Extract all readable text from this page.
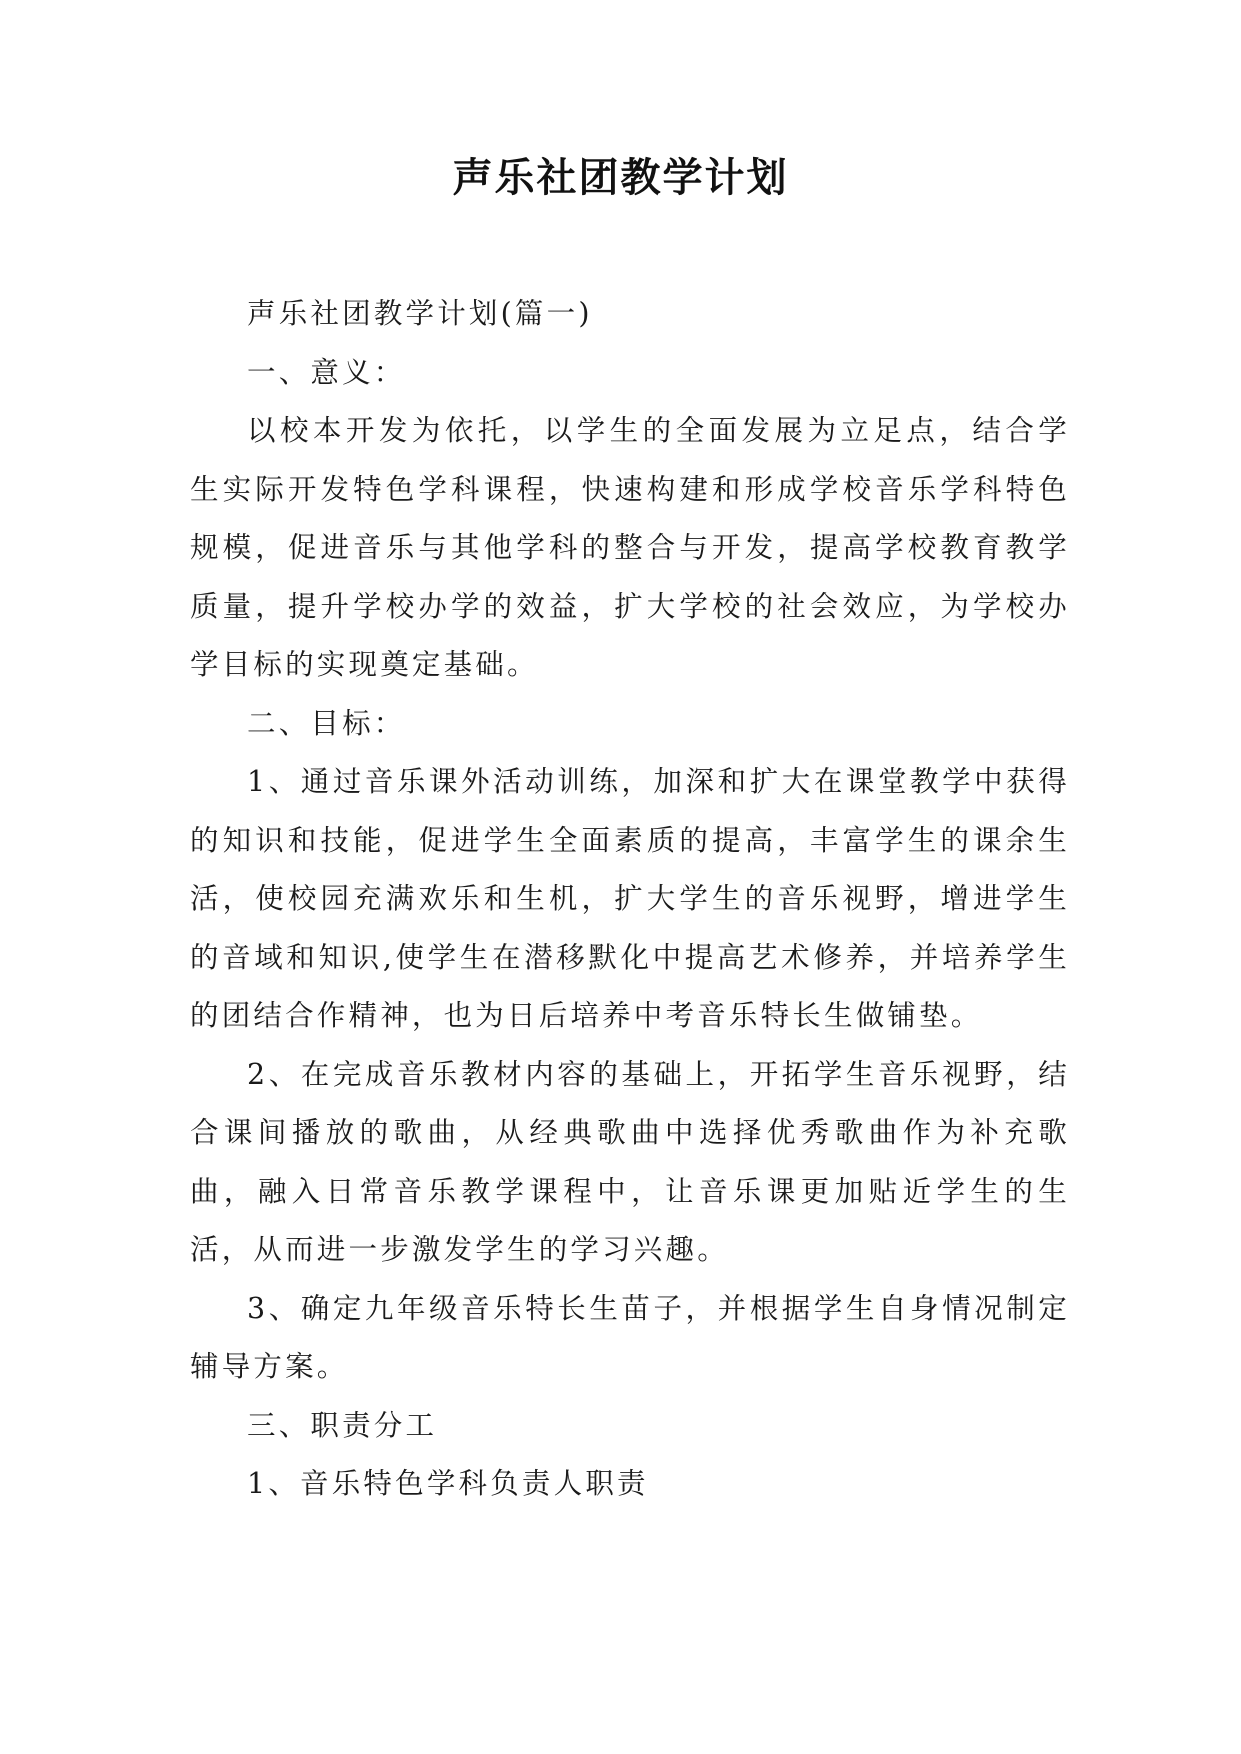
声乐社团教学计划

声乐社团教学计划(篇一)

一、意义：

以校本开发为依托，以学生的全面发展为立足点，结合学生实际开发特色学科课程，快速构建和形成学校音乐学科特色规模，促进音乐与其他学科的整合与开发，提高学校教育教学质量，提升学校办学的效益，扩大学校的社会效应，为学校办学目标的实现奠定基础。

二、目标：

1、通过音乐课外活动训练，加深和扩大在课堂教学中获得的知识和技能，促进学生全面素质的提高，丰富学生的课余生活，使校园充满欢乐和生机，扩大学生的音乐视野，增进学生的音域和知识,使学生在潜移默化中提高艺术修养，并培养学生的团结合作精神，也为日后培养中考音乐特长生做铺垫。

2、在完成音乐教材内容的基础上，开拓学生音乐视野，结合课间播放的歌曲，从经典歌曲中选择优秀歌曲作为补充歌曲，融入日常音乐教学课程中，让音乐课更加贴近学生的生活，从而进一步激发学生的学习兴趣。

3、确定九年级音乐特长生苗子，并根据学生自身情况制定辅导方案。

三、职责分工

1、音乐特色学科负责人职责
